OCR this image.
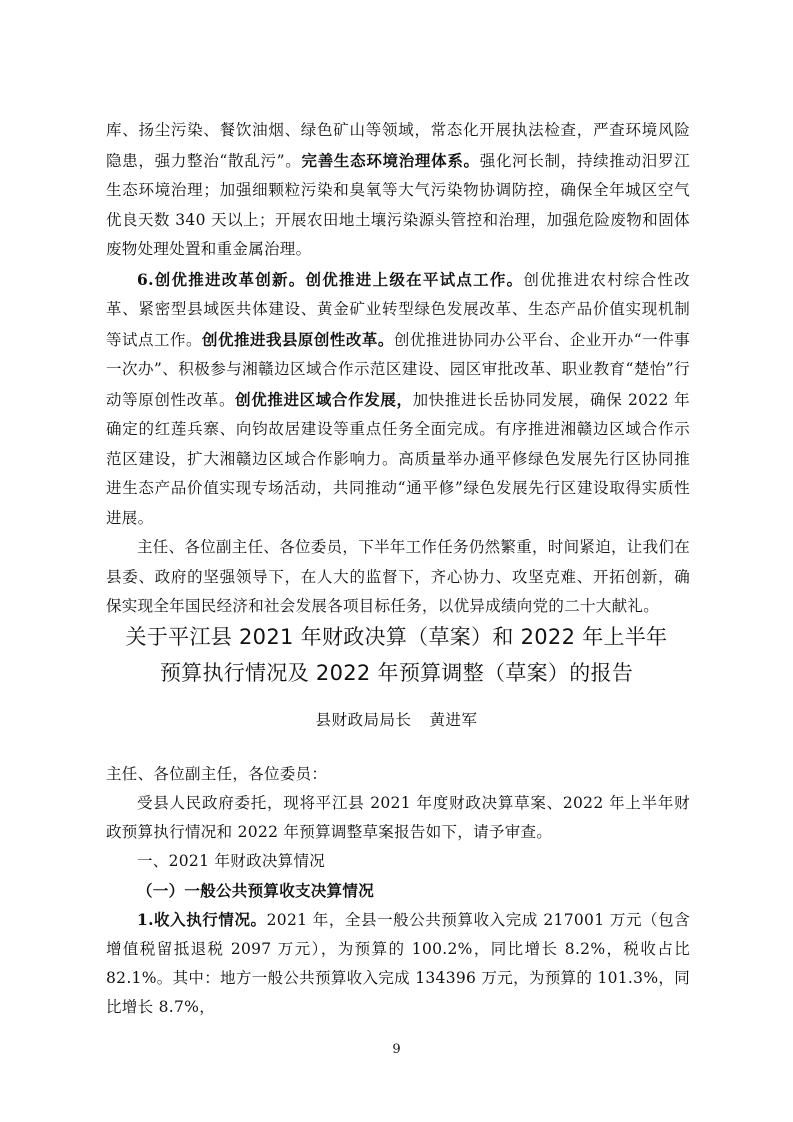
库、扬尘污染、餐饮油烟、绿色矿山等领域，常态化开展执法检查，严查环境风险隐患，强力整治“散乱污”。完善生态环境治理体系。强化河长制，持续推动汨罗江生态环境治理；加强细颗粒污染和臭氧等大气污染物协调防控，确保全年城区空气优良天数 340 天以上；开展农田地土壤污染源头管控和治理，加强危险废物和固体废物处理处置和重金属治理。

6.创优推进改革创新。创优推进上级在平试点工作。创优推进农村综合性改革、紧密型县域医共体建设、黄金矿业转型绿色发展改革、生态产品价值实现机制等试点工作。创优推进我县原创性改革。创优推进协同办公平台、企业开办“一件事一次办”、积极参与湘赣边区域合作示范区建设、园区审批改革、职业教育“楚怡”行动等原创性改革。创优推进区域合作发展，加快推进长岳协同发展，确保 2022 年确定的红莲兵寨、向钧故居建设等重点任务全面完成。有序推进湘赣边区域合作示范区建设，扩大湘赣边区域合作影响力。高质量举办通平修绿色发展先行区协同推进生态产品价值实现专场活动，共同推动“通平修”绿色发展先行区建设取得实质性进展。

主任、各位副主任、各位委员，下半年工作任务仍然繁重，时间紧迫，让我们在县委、政府的坚强领导下，在人大的监督下，齐心协力、攻坚克难、开拓创新，确保实现全年国民经济和社会发展各项目标任务，以优异成绩向党的二十大献礼。

关于平江县 2021 年财政决算（草案）和 2022 年上半年
预算执行情况及 2022 年预算调整（草案）的报告
县财政局局长 黄进军

主任、各位副主任，各位委员：

受县人民政府委托，现将平江县 2021 年度财政决算草案、2022 年上半年财政预算执行情况和 2022 年预算调整草案报告如下，请予审查。

一、2021 年财政决算情况

（一）一般公共预算收支决算情况

1.收入执行情况。2021 年，全县一般公共预算收入完成 217001 万元（包含增值税留抵退税 2097 万元），为预算的 100.2%，同比增长 8.2%，税收占比 82.1%。其中：地方一般公共预算收入完成 134396 万元，为预算的 101.3%，同比增长 8.7%，

9
